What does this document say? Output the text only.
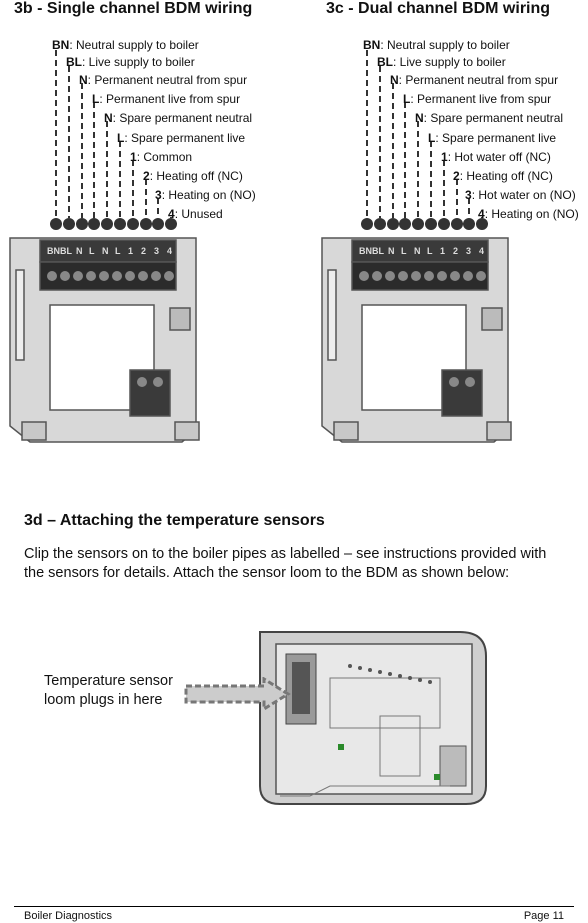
3b - Single channel BDM wiring	3c - Dual channel BDM wiring
BN BL N L N L 1 2 3 4
BN: Neutral supply to boiler
BL: Live supply to boiler
N: Permanent neutral from spur
L: Permanent live from spur
N: Spare permanent neutral
L: Spare permanent live
1: Common
2: Heating off (NC)
3: Heating on (NO)
4: Unused
BN BL N L N L 1 2 3 4
BN: Neutral supply to boiler
BL: Live supply to boiler
N: Permanent neutral from spur
L: Permanent live from spur
N: Spare permanent neutral
L: Spare permanent live
1: Hot water off (NC)
2: Heating off (NC)
3: Hot water on (NO)
4: Heating on (NO)
3d – Attaching the temperature sensors
Clip the sensors on to the boiler pipes as labelled – see instructions provided with the sensors for details. Attach the sensor loom to the BDM as shown below:
Temperature sensor
loom plugs in here
Boiler Diagnostics	Page 11
